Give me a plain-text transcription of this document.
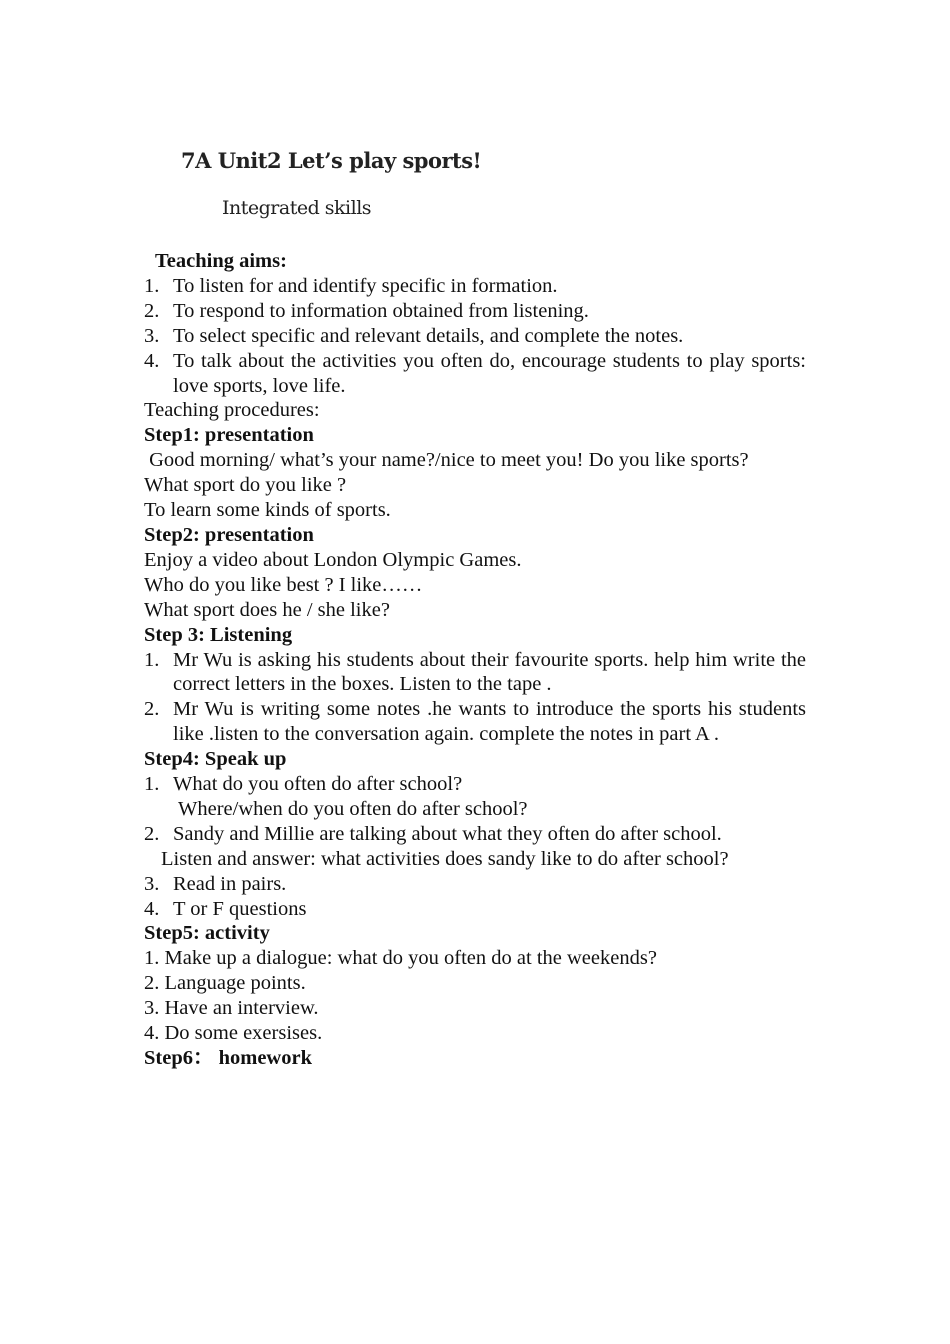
7A Unit2 Let’s play sports!
Integrated skills
Teaching aims:
1. To listen for and identify specific in formation.
2. To respond to information obtained from listening.
3. To select specific and relevant details, and complete the notes.
4. To talk about the activities you often do, encourage students to play sports: love sports, love life.
Teaching procedures:
Step1: presentation
Good morning/ what’s your name?/nice to meet you! Do you like sports?
What sport do you like ?
To learn some kinds of sports.
Step2: presentation
Enjoy a video about London Olympic Games.
Who do you like best ? I like……
What sport does he / she like?
Step 3: Listening
1. Mr Wu is asking his students about their favourite sports. help him write the correct letters in the boxes. Listen to the tape .
2. Mr Wu is writing some notes .he wants to introduce the sports his students like .listen to the conversation again. complete the notes in part A .
Step4: Speak up
1. What do you often do after school?
Where/when do you often do after school?
2. Sandy and Millie are talking about what they often do after school.
Listen and answer: what activities does sandy like to do after school?
3. Read in pairs.
4. T or F questions
Step5: activity
1. Make up a dialogue: what do you often do at the weekends?
2. Language points.
3. Have an interview.
4. Do some exersises.
Step6： homework
